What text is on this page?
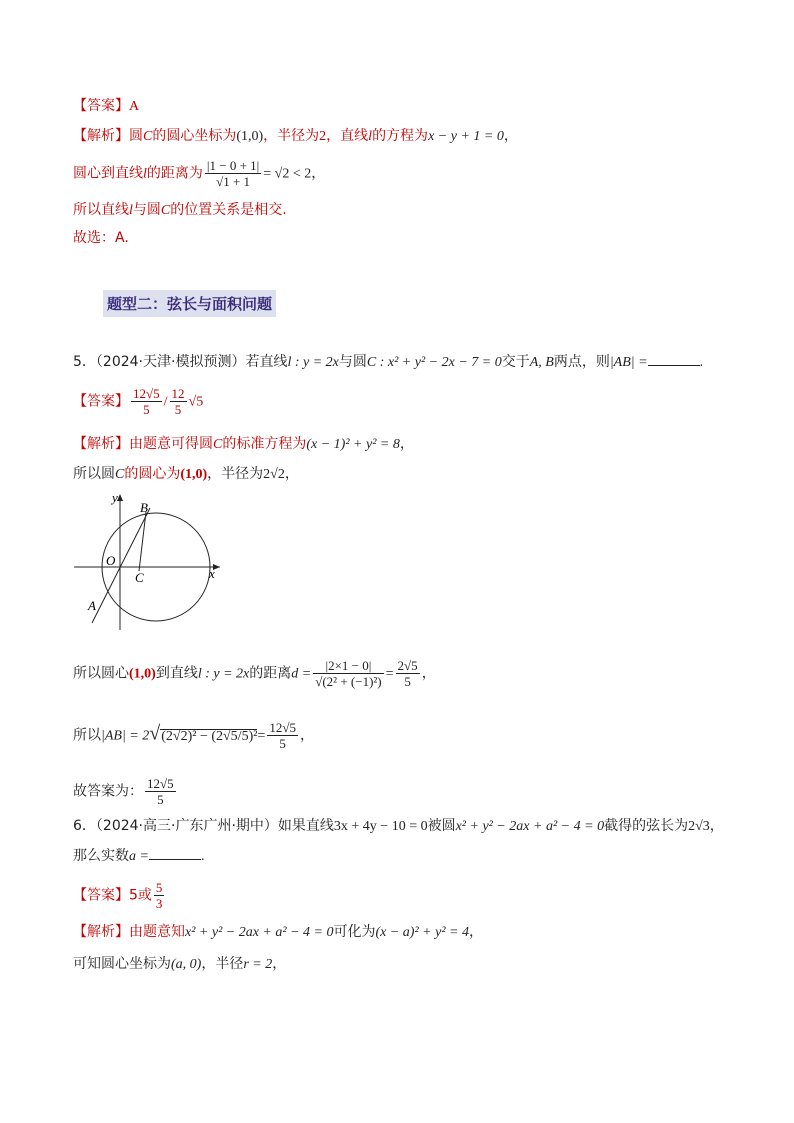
【答案】A
【解析】圆C的圆心坐标为(1,0)，半径为2，直线l的方程为x − y + 1 = 0，
圆心到直线l的距离为 $\frac{|1 - 0 + 1|}{√1 + 1} = √2 < 2$，
所以直线l与圆C的位置关系是相交.
故选：A.
题型二：弦长与面积问题
5．（2024·天津·模拟预测）若直线l : y = 2x与圆C : x² + y² − 2x − 7 = 0交于A, B两点，则|AB| =	.
【答案】 $\frac{12√5}{5} / \frac{12}{5} √5$
【解析】由题意可得圆C的标准方程为(x − 1)² + y² = 8，
所以圆C的圆心为(1,0)，半径为2√2，
x
y
O
C
A
B
所以圆心(1,0)到直线l : y = 2x的距离$d = \frac{|2\times 1 - 0|}{\text{√(2² + (−1)²)}} = \frac{2√5}{5}$ ，
所以$|AB| = 2√(2√2)^2 - (2√5/5)^2= \frac{12√5}{5}$ ，
故答案为： $\frac{12√5}{5}$
6．（2024·高三·广东广州·期中）如果直线3x + 4y − 10 = 0被圆x² + y² − 2ax + a² − 4 = 0截得的弦长为2√3，
那么实数a =	.
【答案】5或 $\frac{5}{3}$
【解析】由题意知x² + y² − 2ax + a² − 4 = 0可化为(x − a)² + y² = 4，
可知圆心坐标为(a, 0)，半径r = 2，
